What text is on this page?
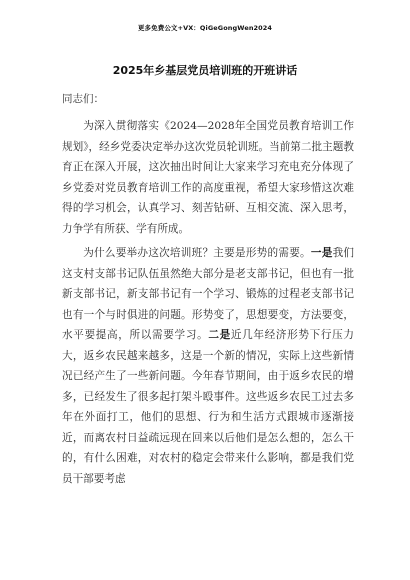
更多免费公文+VX：QiGeGongWen2024
2025年乡基层党员培训班的开班讲话
同志们：

为深入贯彻落实《2024—2028年全国党员教育培训工作规划》，经乡党委决定举办这次党员轮训班。当前第二批主题教育正在深入开展，这次抽出时间让大家来学习充电充分体现了乡党委对党员教育培训工作的高度重视，希望大家珍惜这次难得的学习机会，认真学习、刻苦钻研、互相交流、深入思考，力争学有所获、学有所成。

为什么要举办这次培训班？主要是形势的需要。一是我们这支村支部书记队伍虽然绝大部分是老支部书记，但也有一批新支部书记，新支部书记有一个学习、锻炼的过程老支部书记也有一个与时俱进的问题。形势变了，思想要变，方法要变，水平要提高，所以需要学习。二是近几年经济形势下行压力大，返乡农民越来越多，这是一个新的情况，实际上这些新情况已经产生了一些新问题。今年春节期间，由于返乡农民的增多，已经发生了很多起打架斗殴事件。这些返乡农民工过去多年在外面打工，他们的思想、行为和生活方式跟城市逐渐接近，而离农村日益疏远现在回来以后他们是怎么想的，怎么干的，有什么困难，对农村的稳定会带来什么影响，都是我们党员干部要考虑
